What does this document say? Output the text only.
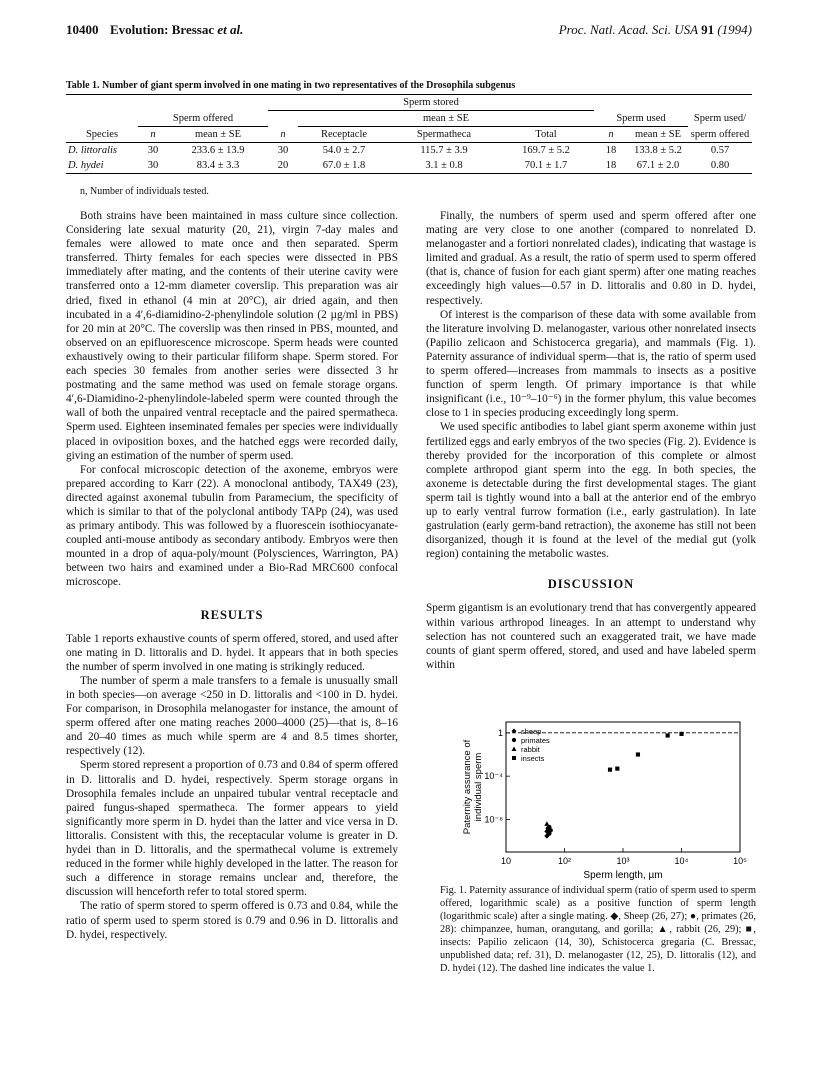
10400 Evolution: Bressac et al.	Proc. Natl. Acad. Sci. USA 91 (1994)
Table 1. Number of giant sperm involved in one mating in two representatives of the Drosophila subgenus
			Sperm stored						
	Sperm offered			mean ± SE			Sperm used		Sperm used/
Species	n	mean ± SE	n	Receptacle	Spermatheca	Total	n	mean ± SE	sperm offered
D. littoralis	30	233.6 ± 13.9	30	54.0 ± 2.7	115.7 ± 3.9	169.7 ± 5.2	18	133.8 ± 5.2	0.57
D. hydei	30	83.4 ± 3.3	20	67.0 ± 1.8	3.1 ± 0.8	70.1 ± 1.7	18	67.1 ± 2.0	0.80
n, Number of individuals tested.

Both strains have been maintained in mass culture since collection. Considering late sexual maturity (20, 21), virgin 7-day males and females were allowed to mate once and then separated. Sperm transferred. Thirty females for each species were dissected in PBS immediately after mating, and the contents of their uterine cavity were transferred onto a 12-mm diameter coverslip. This preparation was air dried, fixed in ethanol (4 min at 20°C), air dried again, and then incubated in a 4′,6-diamidino-2-phenylindole solution (2 µg/ml in PBS) for 20 min at 20°C. The coverslip was then rinsed in PBS, mounted, and observed on an epifluorescence microscope. Sperm heads were counted exhaustively owing to their particular filiform shape. Sperm stored. For each species 30 females from another series were dissected 3 hr postmating and the same method was used on female storage organs. 4′,6-Diamidino-2-phenylindole-labeled sperm were counted through the wall of both the unpaired ventral receptacle and the paired spermatheca. Sperm used. Eighteen inseminated females per species were individually placed in oviposition boxes, and the hatched eggs were recorded daily, giving an estimation of the number of sperm used.

For confocal microscopic detection of the axoneme, embryos were prepared according to Karr (22). A monoclonal antibody, TAX49 (23), directed against axonemal tubulin from Paramecium, the specificity of which is similar to that of the polyclonal antibody TAPp (24), was used as primary antibody. This was followed by a fluorescein isothiocyanate-coupled anti-mouse antibody as secondary antibody. Embryos were then mounted in a drop of aqua-poly/mount (Polysciences, Warrington, PA) between two hairs and examined under a Bio-Rad MRC600 confocal microscope.

RESULTS

Table 1 reports exhaustive counts of sperm offered, stored, and used after one mating in D. littoralis and D. hydei. It appears that in both species the number of sperm involved in one mating is strikingly reduced.

The number of sperm a male transfers to a female is unusually small in both species—on average <250 in D. littoralis and <100 in D. hydei. For comparison, in Drosophila melanogaster for instance, the amount of sperm offered after one mating reaches 2000–4000 (25)—that is, 8–16 and 20–40 times as much while sperm are 4 and 8.5 times shorter, respectively (12).

Sperm stored represent a proportion of 0.73 and 0.84 of sperm offered in D. littoralis and D. hydei, respectively. Sperm storage organs in Drosophila females include an unpaired tubular ventral receptacle and paired fungus-shaped spermatheca. The former appears to yield significantly more sperm in D. hydei than the latter and vice versa in D. littoralis. Consistent with this, the receptacular volume is greater in D. hydei than in D. littoralis, and the spermathecal volume is extremely reduced in the former while highly developed in the latter. The reason for such a difference in storage remains unclear and, therefore, the discussion will henceforth refer to total stored sperm.

The ratio of sperm stored to sperm offered is 0.73 and 0.84, while the ratio of sperm used to sperm stored is 0.79 and 0.96 in D. littoralis and D. hydei, respectively.

Finally, the numbers of sperm used and sperm offered after one mating are very close to one another (compared to nonrelated D. melanogaster and a fortiori nonrelated clades), indicating that wastage is limited and gradual. As a result, the ratio of sperm used to sperm offered (that is, chance of fusion for each giant sperm) after one mating reaches exceedingly high values—0.57 in D. littoralis and 0.80 in D. hydei, respectively.

Of interest is the comparison of these data with some available from the literature involving D. melanogaster, various other nonrelated insects (Papilio zelicaon and Schistocerca gregaria), and mammals (Fig. 1). Paternity assurance of individual sperm—that is, the ratio of sperm used to sperm offered—increases from mammals to insects as a positive function of sperm length. Of primary importance is that while insignificant (i.e., 10⁻⁹–10⁻⁶) in the former phylum, this value becomes close to 1 in species producing exceedingly long sperm.

We used specific antibodies to label giant sperm axoneme within just fertilized eggs and early embryos of the two species (Fig. 2). Evidence is thereby provided for the incorporation of this complete or almost complete arthropod giant sperm into the egg. In both species, the axoneme is detectable during the first developmental stages. The giant sperm tail is tightly wound into a ball at the anterior end of the embryo up to early ventral furrow formation (i.e., early gastrulation). In late gastrulation (early germ-band retraction), the axoneme has still not been disorganized, though it is found at the level of the medial gut (yolk region) containing the metabolic wastes.

DISCUSSION

Sperm gigantism is an evolutionary trend that has convergently appeared within various arthropod lineages. In an attempt to understand why selection has not countered such an exaggerated trait, we have made counts of giant sperm offered, stored, and used and have labeled sperm within

10	10²	10³	10⁴	10⁵
1
10⁻⁴
10⁻⁸
Sperm length, µm
Paternity assurance ofindividual sperm
sheep
primates
rabbit
insects
Fig. 1. Paternity assurance of individual sperm (ratio of sperm used to sperm offered, logarithmic scale) as a positive function of sperm length (logarithmic scale) after a single mating. ◆, Sheep (26, 27); ●, primates (26, 28): chimpanzee, human, orangutang, and gorilla; ▲, rabbit (26, 29); ■, insects: Papilio zelicaon (14, 30), Schistocerca gregaria (C. Bressac, unpublished data; ref. 31), D. melanogaster (12, 25), D. littoralis (12), and D. hydei (12). The dashed line indicates the value 1.
